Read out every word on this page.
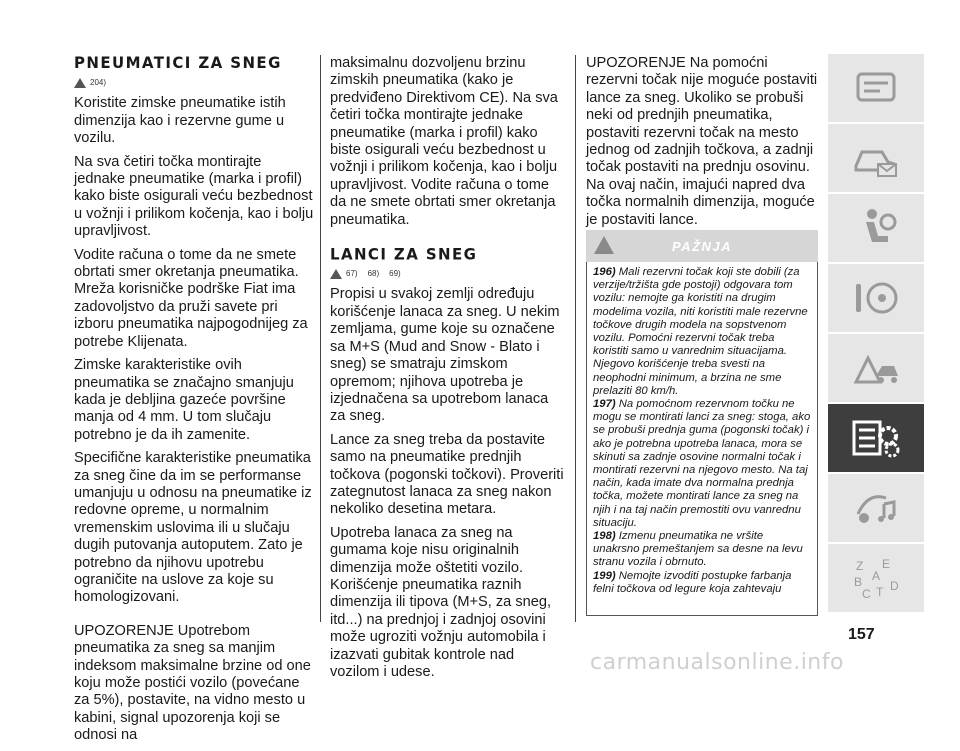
PNEUMATICI ZA SNEG
204)

Koristite zimske pneumatike istih dimenzija kao i rezervne gume u vozilu.

Na sva četiri točka montirajte jednake pneumatike (marka i profil) kako biste osigurali veću bezbednost u vožnji i prilikom kočenja, kao i bolju upravljivost.

Vodite računa o tome da ne smete obrtati smer okretanja pneumatika. Mreža korisničke podrške Fiat ima zadovoljstvo da pruži savete pri izboru pneumatika najpogodnijeg za potrebe Klijenata.

Zimske karakteristike ovih pneumatika se značajno smanjuju kada je debljina gazeće površine manja od 4 mm. U tom slučaju potrebno je da ih zamenite.

Specifične karakteristike pneumatika za sneg čine da im se performanse umanjuju u odnosu na pneumatike iz redovne opreme, u normalnim vremenskim uslovima ili u slučaju dugih putovanja autoputem. Zato je potrebno da njihovu upotrebu ograničite na uslove za koje su homologizovani.

UPOZORENJE Upotrebom pneumatika za sneg sa manjim indeksom maksimalne brzine od one koju može postići vozilo (povećane za 5%), postavite, na vidno mesto u kabini, signal upozorenja koji se odnosi na

maksimalnu dozvoljenu brzinu zimskih pneumatika (kako je predviđeno Direktivom CE). Na sva četiri točka montirajte jednake pneumatike (marka i profil) kako biste osigurali veću bezbednost u vožnji i prilikom kočenja, kao i bolju upravljivost. Vodite računa o tome da ne smete obrtati smer okretanja pneumatika.

LANCI ZA SNEG
67) 68) 69)

Propisi u svakoj zemlji određuju korišćenje lanaca za sneg. U nekim zemljama, gume koje su označene sa M+S (Mud and Snow - Blato i sneg) se smatraju zimskom opremom; njihova upotreba je izjednačena sa upotrebom lanaca za sneg.

Lance za sneg treba da postavite samo na pneumatike prednjih točkova (pogonski točkovi). Proveriti zategnutost lanaca za sneg nakon nekoliko desetina metara.

Upotreba lanaca za sneg na gumama koje nisu originalnih dimenzija može oštetiti vozilo. Korišćenje pneumatika raznih dimenzija ili tipova (M+S, za sneg, itd...) na prednjoj i zadnjoj osovini može ugroziti vožnju automobila i izazvati gubitak kontrole nad vozilom i udese.

UPOZORENJE Na pomoćni rezervni točak nije moguće postaviti lance za sneg. Ukoliko se probuši neki od prednjih pneumatika, postaviti rezervni točak na mesto jednog od zadnjih točkova, a zadnji točak postaviti na prednju osovinu. Na ovaj način, imajući napred dva točka normalnih dimenzija, moguće je postaviti lance.

PAŽNJA

196) Mali rezervni točak koji ste dobili (za verzije/tržišta gde postoji) odgovara tom vozilu: nemojte ga koristiti na drugim modelima vozila, niti koristiti male rezervne točkove drugih modela na sopstvenom vozilu. Pomoćni rezervni točak treba koristiti samo u vanrednim situacijama. Njegovo korišćenje treba svesti na neophodni minimum, a brzina ne sme prelaziti 80 km/h.

197) Na pomoćnom rezervnom točku ne mogu se montirati lanci za sneg: stoga, ako se probuši prednja guma (pogonski točak) i ako je potrebna upotreba lanaca, mora se skinuti sa zadnje osovine normalni točak i montirati rezervni na njegovo mesto. Na taj način, kada imate dva normalna prednja točka, možete montirati lance za sneg na njih i na taj način premostiti ovu vanrednu situaciju.

198) Izmenu pneumatika ne vršite unakrsno premeštanjem sa desne na levu stranu vozila i obrnuto.

199) Nemojte izvoditi postupke farbanja felni točkova od legure koja zahtevaju

Z E
B A
C T D
157
carmanualsonline.info
